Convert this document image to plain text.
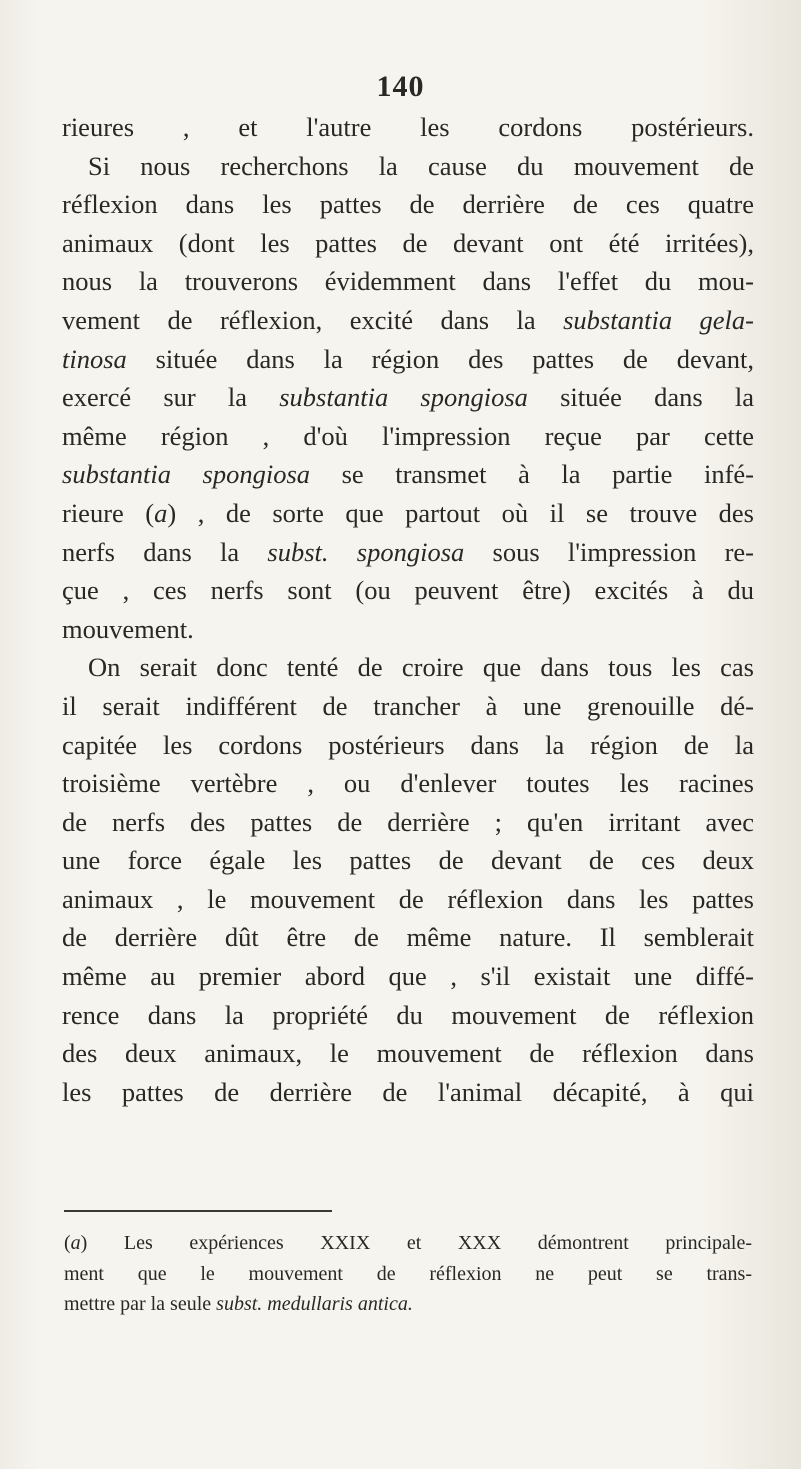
140
rieures , et l'autre les cordons postérieurs.
Si nous recherchons la cause du mouvement de
réflexion dans les pattes de derrière de ces quatre
animaux (dont les pattes de devant ont été irritées),
nous la trouverons évidemment dans l'effet du mou-
vement de réflexion, excité dans la substantia gela-
tinosa située dans la région des pattes de devant,
exercé sur la substantia spongiosa située dans la
même région , d'où l'impression reçue par cette
substantia spongiosa se transmet à la partie infé-
rieure (a) , de sorte que partout où il se trouve des
nerfs dans la subst. spongiosa sous l'impression re-
çue , ces nerfs sont (ou peuvent être) excités à du
mouvement.
On serait donc tenté de croire que dans tous les cas
il serait indifférent de trancher à une grenouille dé-
capitée les cordons postérieurs dans la région de la
troisième vertèbre , ou d'enlever toutes les racines
de nerfs des pattes de derrière ; qu'en irritant avec
une force égale les pattes de devant de ces deux
animaux , le mouvement de réflexion dans les pattes
de derrière dût être de même nature. Il semblerait
même au premier abord que , s'il existait une diffé-
rence dans la propriété du mouvement de réflexion
des deux animaux, le mouvement de réflexion dans
les pattes de derrière de l'animal décapité, à qui
(a) Les expériences XXIX et XXX démontrent principale-
ment que le mouvement de réflexion ne peut se trans-
mettre par la seule subst. medullaris antica.
